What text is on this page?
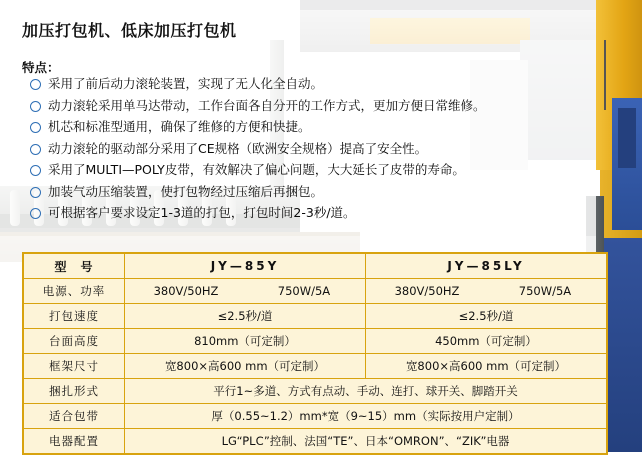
加压打包机、低床加压打包机
特点：
采用了前后动力滚轮装置，实现了无人化全自动。
动力滚轮采用单马达带动，工作台面各自分开的工作方式，更加方便日常维修。
机芯和标准型通用，确保了维修的方便和快捷。
动力滚轮的驱动部分采用了CE规格（欧洲安全规格）提高了安全性。
采用了MULTI—POLY皮带，有效解决了偏心问题，大大延长了皮带的寿命。
加装气动压缩装置，使打包物经过压缩后再捆包。
可根据客户要求设定1-3道的打包，打包时间2-3秒/道。
型　号	JY—85Y	JY—85LY
电源、功率	380V/50HZ 750W/5A	380V/50HZ 750W/5A

打包速度	≤2.5秒/道	≤2.5秒/道
台面高度	810mm（可定制）	450mm（可定制）
框架尺寸	宽800×高600 mm（可定制）	宽800×高600 mm（可定制）
捆扎形式	平行1~多道、方式有点动、手动、连打、球开关、脚踏开关	
适合包带	厚（0.55~1.2）mm*宽（9~15）mm（实际按用户定制）	
电器配置	LG“PLC”控制、法国“TE”、日本“OMRON”、“ZIK”电器	
